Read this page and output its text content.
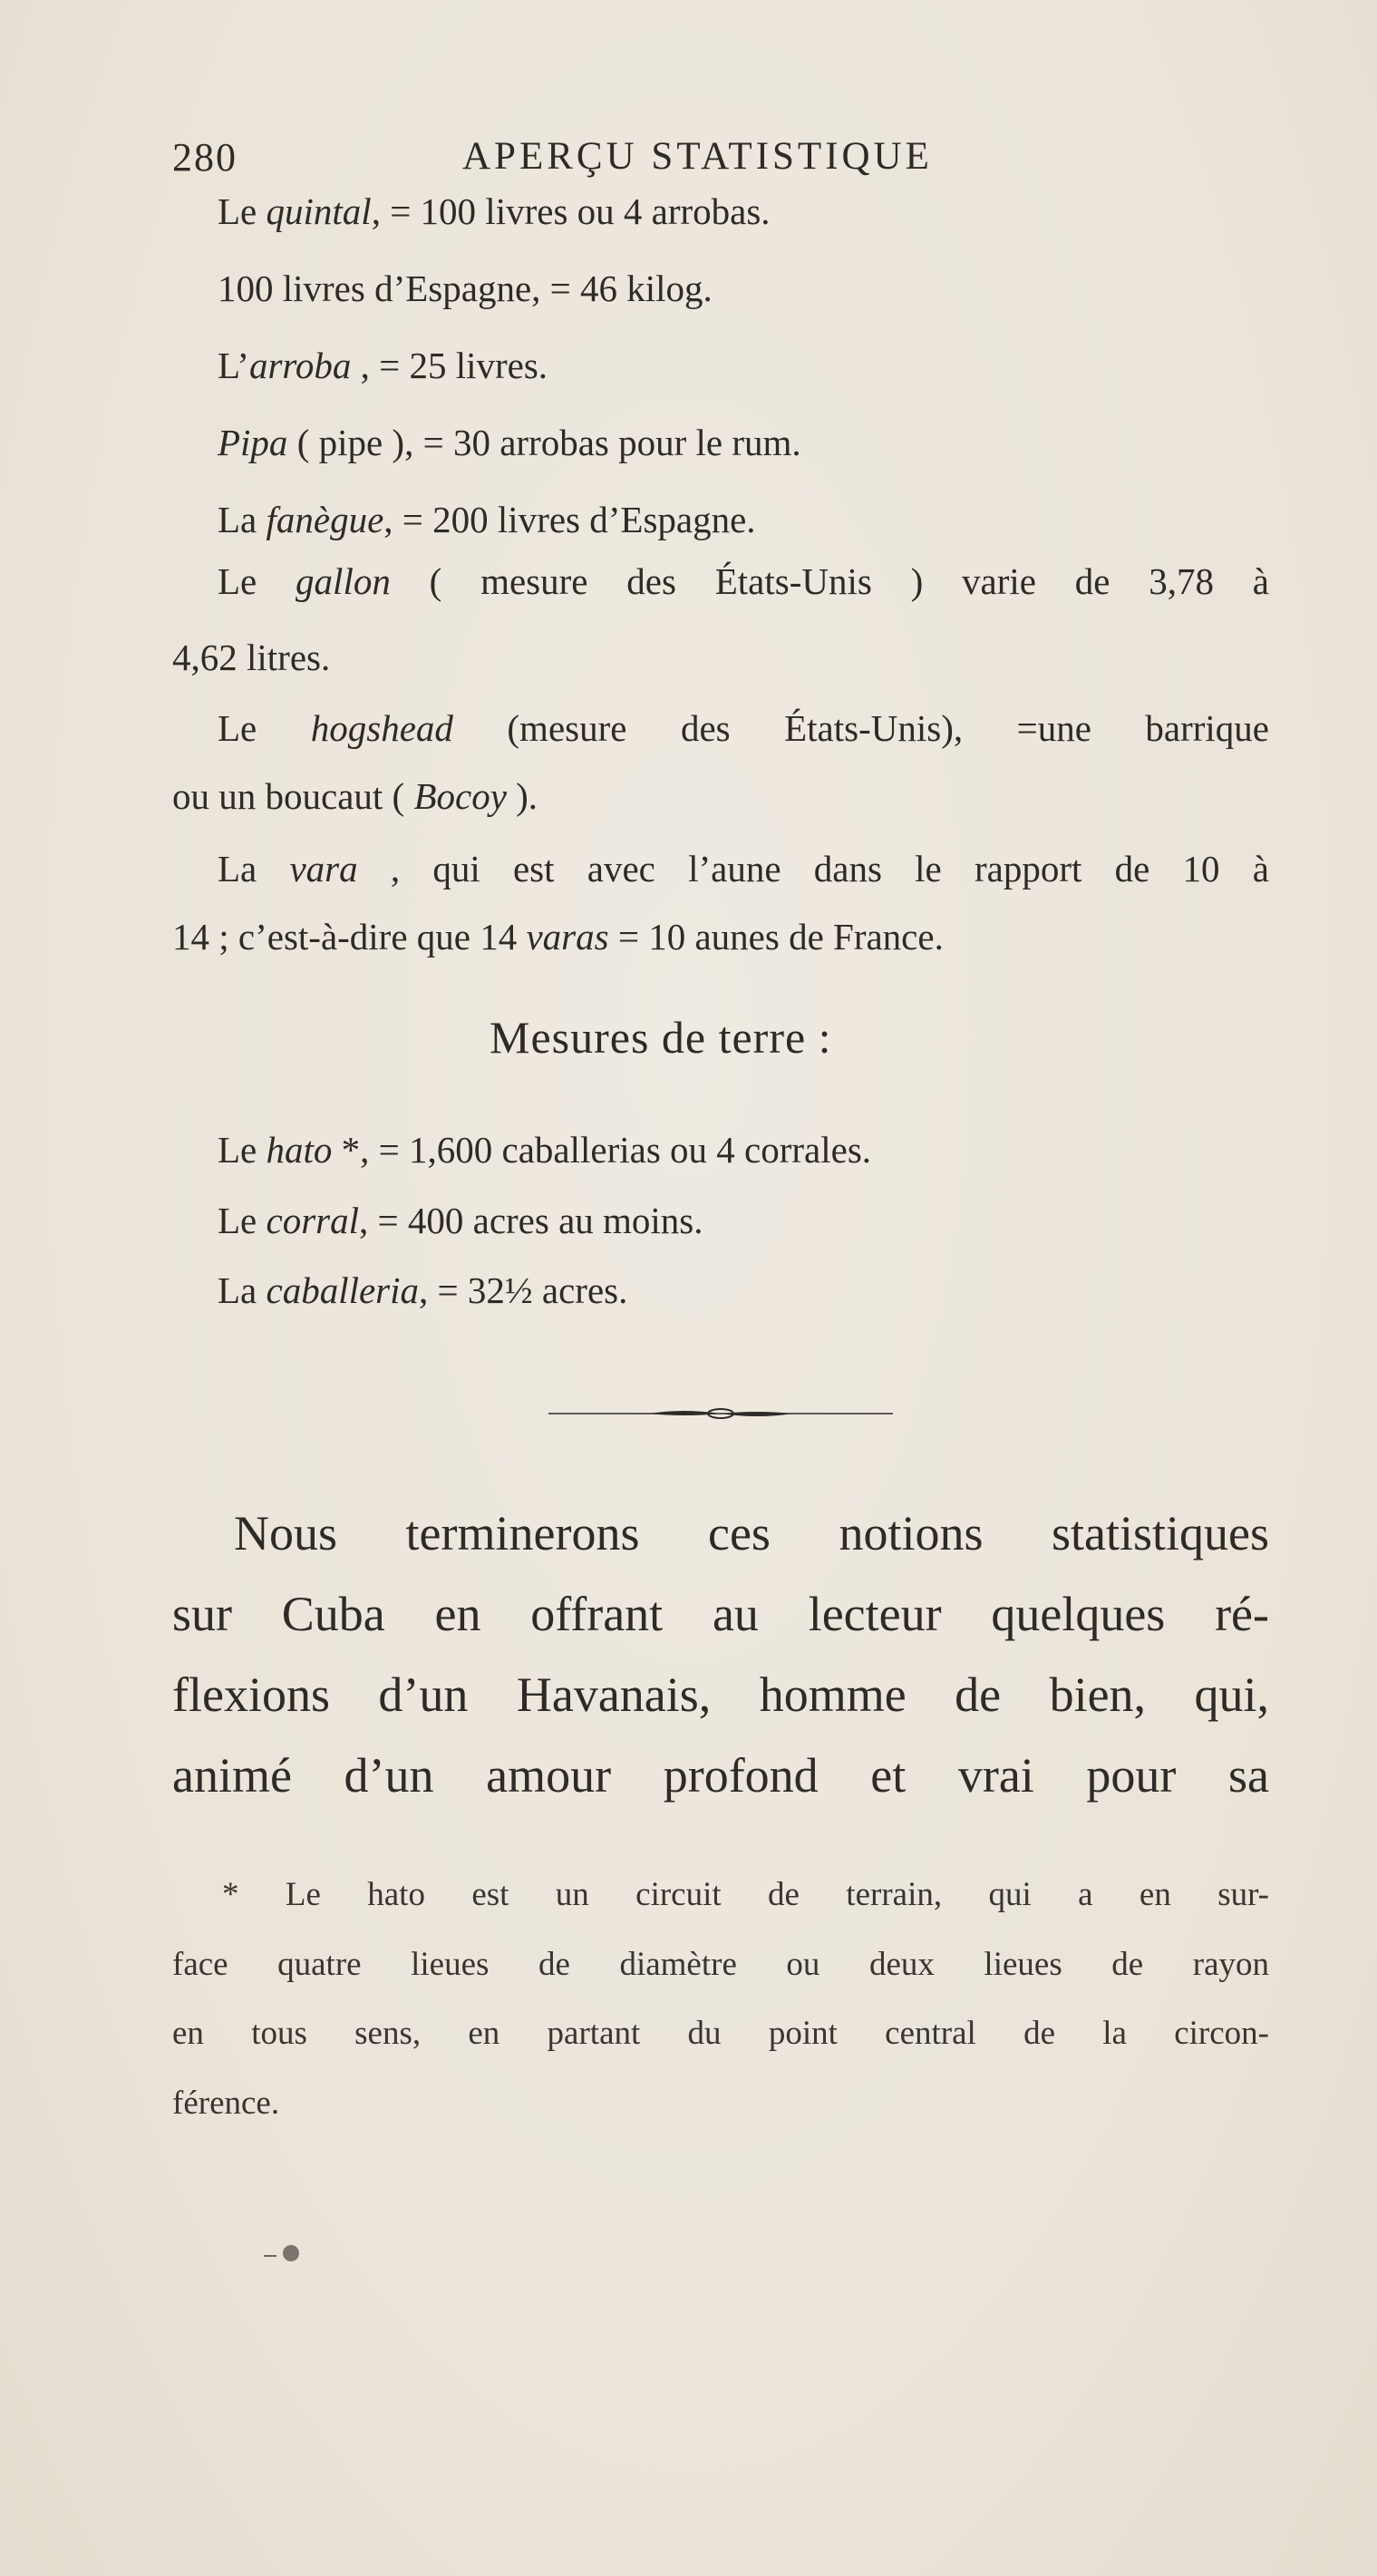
280	APERÇU STATISTIQUE
Le quintal, = 100 livres ou 4 arrobas.
100 livres d’Espagne, = 46 kilog.
L’arroba , = 25 livres.
Pipa ( pipe ), = 30 arrobas pour le rum.
La fanègue, = 200 livres d’Espagne.
Le gallon ( mesure des États-Unis ) varie de 3,78 à
4,62 litres.
Le hogshead (mesure des États-Unis), =une barrique
ou un boucaut ( Bocoy ).
La vara , qui est avec l’aune dans le rapport de 10 à
14 ; c’est-à-dire que 14 varas = 10 aunes de France.
Mesures de terre :
Le hato *, = 1,600 caballerias ou 4 corrales.
Le corral, = 400 acres au moins.
La caballeria, = 32½ acres.
Nous terminerons ces notions statistiques
sur Cuba en offrant au lecteur quelques ré-
flexions d’un Havanais, homme de bien, qui,
animé d’un amour profond et vrai pour sa
* Le hato est un circuit de terrain, qui a en sur-
face quatre lieues de diamètre ou deux lieues de rayon
en tous sens, en partant du point central de la circon-
férence.
